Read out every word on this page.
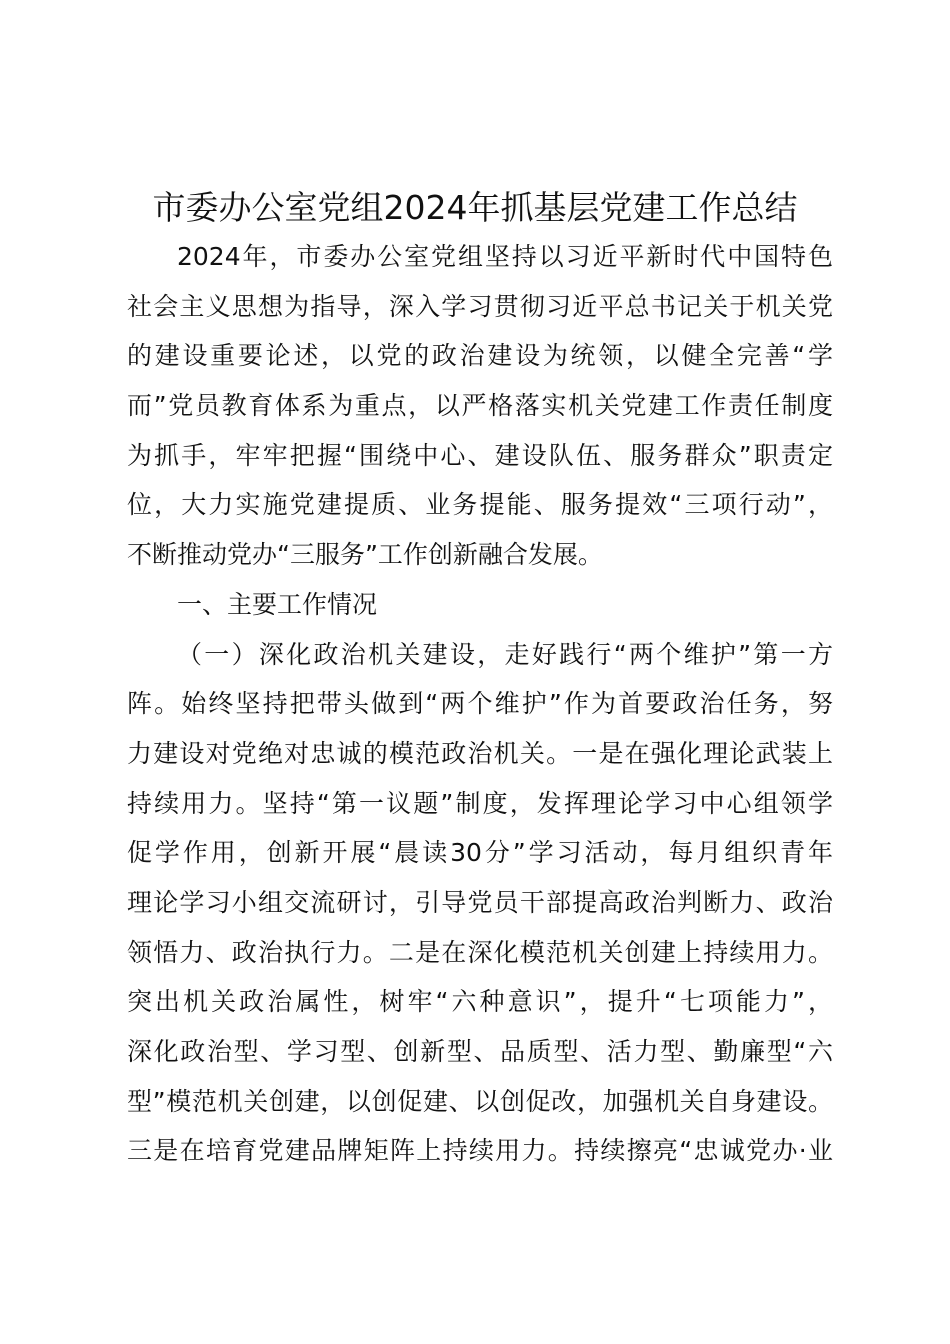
市委办公室党组2024年抓基层党建工作总结
2024年，市委办公室党组坚持以习近平新时代中国特色
社会主义思想为指导，深入学习贯彻习近平总书记关于机关党
的建设重要论述，以党的政治建设为统领，以健全完善“学
而”党员教育体系为重点，以严格落实机关党建工作责任制度
为抓手，牢牢把握“围绕中心、建设队伍、服务群众”职责定
位，大力实施党建提质、业务提能、服务提效“三项行动”，
不断推动党办“三服务”工作创新融合发展。
一、主要工作情况
（一）深化政治机关建设，走好践行“两个维护”第一方
阵。始终坚持把带头做到“两个维护”作为首要政治任务，努
力建设对党绝对忠诚的模范政治机关。一是在强化理论武装上
持续用力。坚持“第一议题”制度，发挥理论学习中心组领学
促学作用，创新开展“晨读30分”学习活动，每月组织青年
理论学习小组交流研讨，引导党员干部提高政治判断力、政治
领悟力、政治执行力。二是在深化模范机关创建上持续用力。
突出机关政治属性，树牢“六种意识”，提升“七项能力”，
深化政治型、学习型、创新型、品质型、活力型、勤廉型“六
型”模范机关创建，以创促建、以创促改，加强机关自身建设。
三是在培育党建品牌矩阵上持续用力。持续擦亮“忠诚党办·业
